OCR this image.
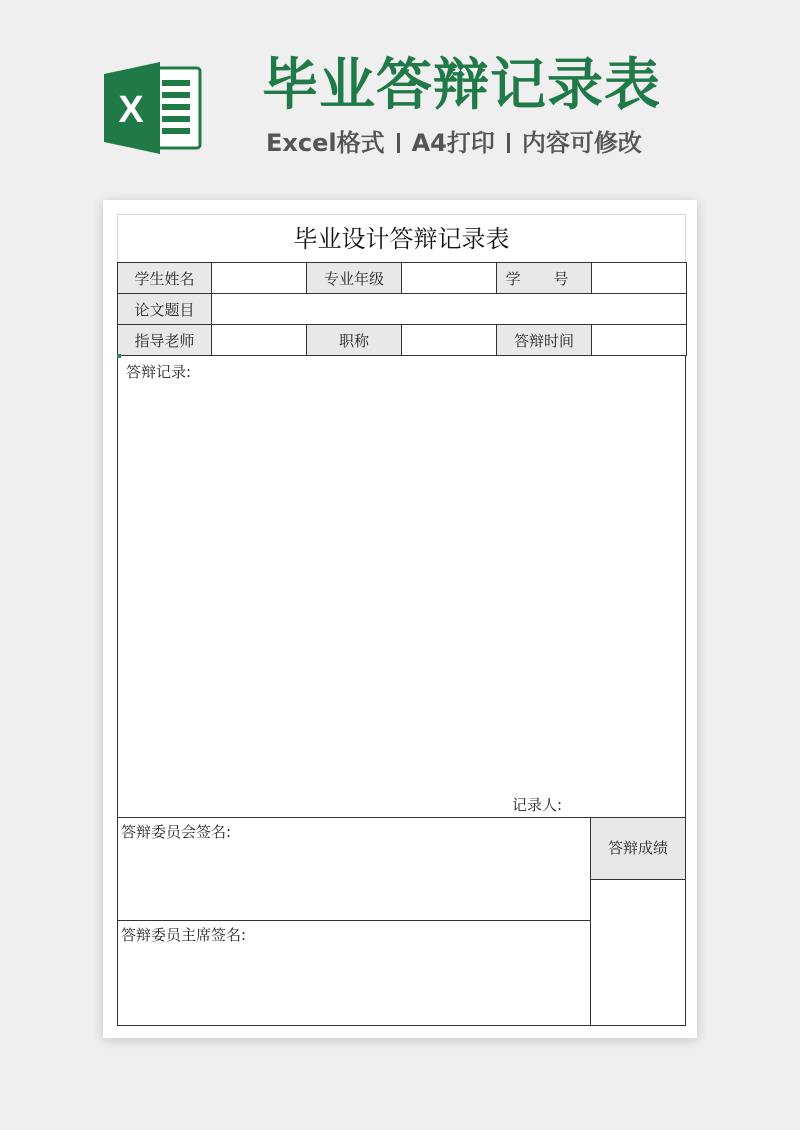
X 毕业答辩记录表
Excel格式 A4打印 内容可修改
毕业设计答辩记录表
学生姓名		专业年级		学 号	
论文题目					
指导老师		职称		答辩时间	
答辩记录:
记录人:
答辩委员会签名:
答辩委员主席签名:
答辩成绩
